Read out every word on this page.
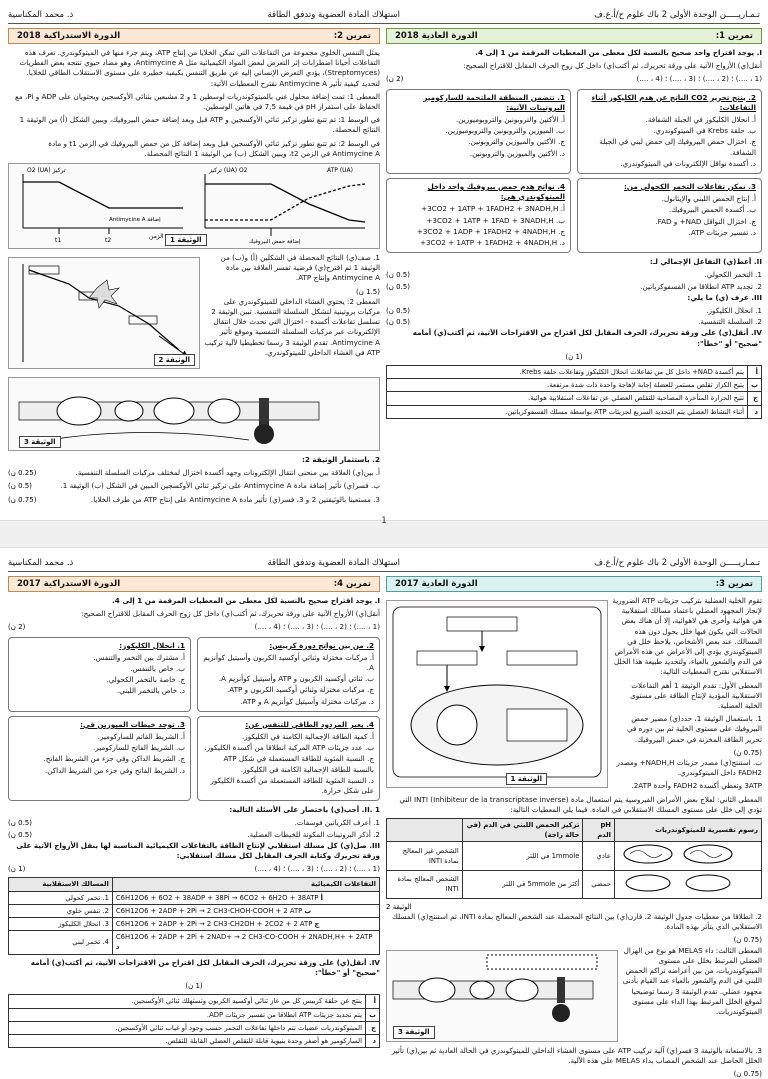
تـمـاريـــــن الوحدة الأولى 2 باك علوم ح/أ.ع.ف
استهلاك المادة العضوية وتدفق الطاقة
ذ. محمد المكناسية
تمرين 1:
الدورة العادية 2018
I. يوجد اقتراح واحد صحيح بالنسبة لكل معطى من المعطيات المرقمة من 1 إلى 4.
أنقل(ي) الأزواج الآتية على ورقة تحريرك، ثم أكتب(ي) داخل كل زوج الحرف المقابل للاقتراح الصحيح:
(1 ، ....) ؛ (2 ، ....) ؛ (3 ، ....) ؛ (4 ، ....)
(2 ن)
2. ينتج تحرير CO2 الناتج عن هدم الكليكوز أثناء التفاعلات:
أ. انحلال الكليكوز في الجبلة الشفافة.
ب. حلقة Krebs في الميتوكوندري.
ج. اختزال حمض البيروفيك إلى حمض لبني في الجبلة الشفافة.
د. أكسدة نواقل الإلكترونات في الميتوكوندري.
1. تتضمن المنطقة الملتحمة للسارکومير البروتينات الآتية:
أ. الأكتين والتروبونين والتروبوميوزين.
ب. الميوزين والتروبونين والتروبوميوزين.
ج. الأكتين والميوزين والتروبونين.
د. الأكتين والميوزين والتروبونين.
3. تمكن تفاعلات التخمر الكحولي من:
أ. إنتاج الحمض اللبني والإيثانول.
ب. أكسدة الحمض البيروفيك.
ج. اختزال النواقل NAD+ و FAD.
د. تفسير جزيئات ATP.
4. نواتج هدم حمض بيروفيك واحد داخل الميتوكوندري هي:
أ. 3CO2 + 1ATP + 1FADH2 + 3NADH,H+
ب. 3CO2 + 1ATP + 1FAD + 3NADH,H+
ج. 3CO2 + 1ADP + 1FADH2 + 4NADH,H+
د. 3CO2 + 1ATP + 1FADH2 + 4NADH,H+
II. أعط(ي) التفاعل الإجمالي لـ:
1. التخمر الكحولي.
(0.5 ن)
2. تجديد ATP انطلاقا من الفسفوكرياتين.
(0.5 ن)
III. عرف (ي) ما يلي:
1. انحلال الكليكوز.
(0.5 ن)
2. السلسلة التنفسية.
(0.5 ن)
IV. أنقل(ي) على ورقة تحريرك، الحرف المقابل لكل اقتراح من الاقتراحات الآتية، ثم أكتب(ي) أمامه "صحيح" أو "خطأ":
(1 ن)
أ	يتم أكسدة NAD+ داخل كل من تفاعلات انحلال الكليكوز وتفاعلات حلقة Krebs.
ب	يتيح الكزاز تقلص مستمر للعضلة إجابة لإهاجة واحدة ذات شدة مرتفعة.
ج	تتيح الحرارة المتأخرة المصاحبة للتقلص العضلي عن تفاعلات استقلابية هوائية.
د	أثناء النشاط العضلي يتم التجديد السريع لجزيئات ATP بواسطة مسلك الفسفوكرياتين.
تمرين 2:
الدورة الاستدراكية 2018
يمثل التنفس الخلوي مجموعة من التفاعلات التي تمكن الخلايا من إنتاج ATP، ويتم جزء منها في الميتوكوندري. تعرف هذه التفاعلات أحيانا اضطرابات إثر التعرض لبعض المواد الكيميائية مثل Antimycine A، وهو مضاد حيوي تنتجه بعض الفطريات (Streptomyces)، يؤدي التعرض الإنساني إليه عن طريق التنفس بكيفية خطيرة على مستوى الاستقلاب الطاقي للخلايا. لتحديد كيفية تأثير Antimycine A نقترح المعطيات الآتية:
المعطى 1: تمت إضافة محلول غني بالميتوكوندريات لوسطين 1 و 2 مشبعين بثنائي الأوكسجين ويحتويان على ADP و Pi، مع الحفاظ على استقرار pH في قيمة 7,5 في هاتين الوسطين.
في الوسط 1: تم تتبع تطور تركيز ثنائي الأوكسجين و ATP قبل وبعد إضافة حمض البيروفيك، ويبين الشكل (أ) من الوثيقة 1 النتائج المحصلة.
في الوسط 2: تم تتبع تطور تركيز ثنائي الأوكسجين قبل وبعد إضافة كل من حمض البيروفيك في الزمن t1 و مادة Antimycine A في الزمن t2، ويبين الشكل (ب) من الوثيقة 1 النتائج المحصلة.
تركيز (UA) O2	ATP (UA)
إضافة حمض البيروفيك
t1	t2
O2 (UA) تركيز
الزمن
Antimycine A إضافة
الوثيقة 1
1. صف(ي) النتائج المحصلة في الشكلين (أ) و(ب) من الوثيقة 1 ثم اقترح(ي) فرضية تفسر العلاقة بين مادة Antimycine A وإنتاج ATP.
(1.5 ن)
المعطى 2: يحتوي الغشاء الداخلي للميتوكوندري على مركبات بروتينية لتشكل السلسلة التنفسية. تبين الوثيقة 2 تسلسل تفاعلات أكسدة - اختزال التي تحدث خلال انتقال الإلكترونات عبر مركبات السلسلة التنفسية وموقع تأثير Antimycine A. تقدم الوثيقة 3 رسما تخطيطيا لآلية تركيب ATP في الغشاء الداخلي للميتوكوندري.
الوثيقة 2
الوثيقة 3
2. باستثمار الوثيقة 2:
أ. بين(ي) العلاقة بين منحنى انتقال الإلكترونات وجهد أكسدة اختزال لمختلف مركبات السلسلة التنفسية.
(0.25 ن)
ب. فسر(ي) تأثير إضافة مادة Antimycine A على تركيز ثنائي الأوكسجين المبين في الشكل (ب) الوثيقة 1.
(0.5 ن)
3. مستعينا بالوثيقتين 2 و 3، فسر(ي) تأثير مادة Antimycine A على إنتاج ATP من طرف الخلايا.
(0.75 ن)
1
تـمـاريـــــن الوحدة الأولى 2 باك علوم ح/أ.ع.ف
استهلاك المادة العضوية وتدفق الطاقة
ذ. محمد المكناسية
تمرين 3:
الدورة العادية 2017
تقوم الخلية العضلية بتركيب جزيئات ATP الضرورية لإنجاز المجهود العضلي باعتماد مسالك استقلابية هي هوائية وأخرى هي لاهوائية، إلا أن هناك بعض الحالات التي يكون فيها خلل يحول دون هذه المسالك. عند بعض الأشخاص، يلاحظ خلل في الميتوكوندري يؤدي إلى الأعراض عن هذه الأمراض في الدم والشعور بالعياء، ولتحديد طبيعة هذا الخلل الاستقلابي نقترح المعطيات التالية:
المعطى الأول: تقدم الوثيقة 1 أهم التفاعلات الاستقلابية المؤدية لإنتاج الطاقة على مستوى الخلية العضلية.
1. باستعمال الوثيقة 1، حدد(ي) مصير حمض البيروفيك على مستوى الخلية ثم بين دوره في تحرير الطاقة المخزنة في حمض البيروفيك.
(0.75 ن)
ب. استنتج(ي) مصدر جزيئات NADH,H+ ومصدر FADH2 داخل الميتوكوندري.
3ATP وتعطي أكسدة FADH2 وأحدة 2ATP.
الوثيقة 1
المعطى الثاني: لعلاج بعض الأمراض الفيروسية يتم استعمال مادة INTI (Inhibiteur de la transcriptase inverse) التي تؤدي إلى خلل على مستوى المسلك الاستقلابي في المادة. فيما يلي المعطيات التالية:
رسوم تفسيرية للميتوكوندريات	pH الدم	تركيز الحمض اللبني في الدم (في حالة راحة)	
	عادي	1mmole في اللتر	الشخص غير المعالج بمادة INTI
	حمضي	أكثر من 5mmole في اللتر	الشخص المعالج بمادة INTI
الوثيقة 2
2. انطلاقا من معطيات جدول الوثيقة 2، قارن(ي) بين النتائج المحصلة عند الشخص المعالج بمادة INTI، ثم استنتج(ي) المسلك الاستقلابي الذي يتأثر بهذه المادة.
(0.75 ن)
المعطى الثالث: داء MELAS هو نوع من الهزال العضلي المرتبط بخلل على مستوى الميتوكوندريات، من بين أعراضه تراكم الحمض اللبني في الدم والشعور بالعياء عند القيام بأدنى مجهود عضلي. تقدم الوثيقة 3 رسما توضيحيا لموقع الخلل المرتبط بهذا الداء على مستوى الميتوكوندريات.
الوثيقة 3
3. بالاستعانة بالوثيقة 3 فسر(ي) آلية تركيب ATP على مستوى الغشاء الداخلي للميتوكوندري في الحالة العادية ثم بين(ي) تأثير الخلل الحاصل عند الشخص المصاب بداء MELAS على هذه الآلية.
(0.75 ن)
تمرين 4:
الدورة الاستدراكية 2017
I. يوجد اقتراح صحيح بالنسبة لكل معطى من المعطيات المرقمة من 1 إلى 4.
أنقل(ي) الأزواج الآتية على ورقة تحريرك، ثم أكتب(ي) داخل كل زوج الحرف المقابل للاقتراح الصحيح:
(1 ، ....) ؛ (2 ، ....) ؛ (3 ، ....) ؛ (4 ، ....)
(2 ن)
2. من بين نواتج دورة كريبس:
أ. مركبات مختزلة وثنائي أوكسيد الكربون وأسيتيل كوأنزيم A.
ب. ثنائي أوكسيد الكربون و ATP وأسيتيل كوأنزيم A.
ج. مركبات مختزلة وثنائي أوكسيد الكربون و ATP.
د. مركبات مختزلة وأسيتيل كوأنزيم A و ATP.
1. انحلال الكليكوز:
أ. مشترك بين التخمر والتنفس.
ب. خاص بالتنفس.
ج. خاصة بالتخمر الكحولي.
د. خاص بالتخمر اللبني.
4. يعبر المردود الطاقي للتنفس عن:
أ. كمية الطاقة الإجمالية الكامنة في الكليكوز.
ب. عدد جزيئات ATP المركبة انطلاقا من أكسدة الكليكوز.
ج. النسبة المئوية للطاقة المستعملة في شكل ATP بالنسبة للطاقة الإجمالية الكامنة في الكليكوز.
د. النسبة المئوية للطاقة المستعملة من أكسدة الكليكوز على شكل حرارة.
3. توجد خيطات الميوزين في:
أ. الشريط القاتم للساركومير.
ب. الشريط الفاتح للساركومير.
ج. الشريط الداكن وفي جزء من الشريط الفاتح.
د. الشريط الفاتح وفي جزء من الشريط الداكن.
II. 1. أجب(ي) باختصار على الأسئلة التالية:
1. أعرف الكرياتين فوسفات.
(0.5 ن)
2. أذكر البروتينات المكونة للخيطات العضلية.
(0.5 ن)
III. صل(ي) كل مسلك استقلابي لإنتاج الطاقة بالتفاعلات الكيميائية المناسبة لها بنقل الأزواج الآتية على ورقة تحريرك وكتابة الحرف المقابل لكل مسلك استقلابي:
(1 ، ....) ؛ (2 ، ....) ؛ (3 ، ....) ؛ (4 ، ....)
(1 ن)
التفاعلات الكيميائية	المسالك الاستقلابية
C6H12O6 + 6O2 + 38ADP + 38Pi → 6CO2 + 6H2O + 38ATP أ	1. تخمر كحولي
C6H12O6 + 2ADP + 2Pi → 2 CH3-CHOH-COOH + 2 ATP ب	2. تنفس خلوي
C6H12O6 + 2ADP + 2Pi → 2 CH3-CH2OH + 2CO2 + 2 ATP ج	3. انحلال الكليكوز
C6H12O6 + 2ADP + 2Pi + 2NAD+ → 2 CH3-CO-COOH + 2NADH,H+ + 2ATP د	4. تخمر لبني
IV. أنقل(ي) على ورقة تحريرك، الحرف المقابل لكل اقتراح من الاقتراحات الآتية، ثم أكتب(ي) أمامه "صحيح" أو "خطأ":
(1 ن)
أ	ينتج عن حلقة كريبس كل من غاز ثنائي أوكسيد الكربون وتستهلك ثنائي الأوكسجين.
ب	يتم تجديد جزيئات ATP انطلاقا من تفسير جزيئات ADP.
ج	الميتوكوندريات عضيات تتم داخلها تفاعلات التخمر حسب وجود أو غياب ثنائي الأوكسجين.
د	الساركومير هو أصغر وحدة بنيوية قابلة للتقلص العضلي القابلة للتقلص.
